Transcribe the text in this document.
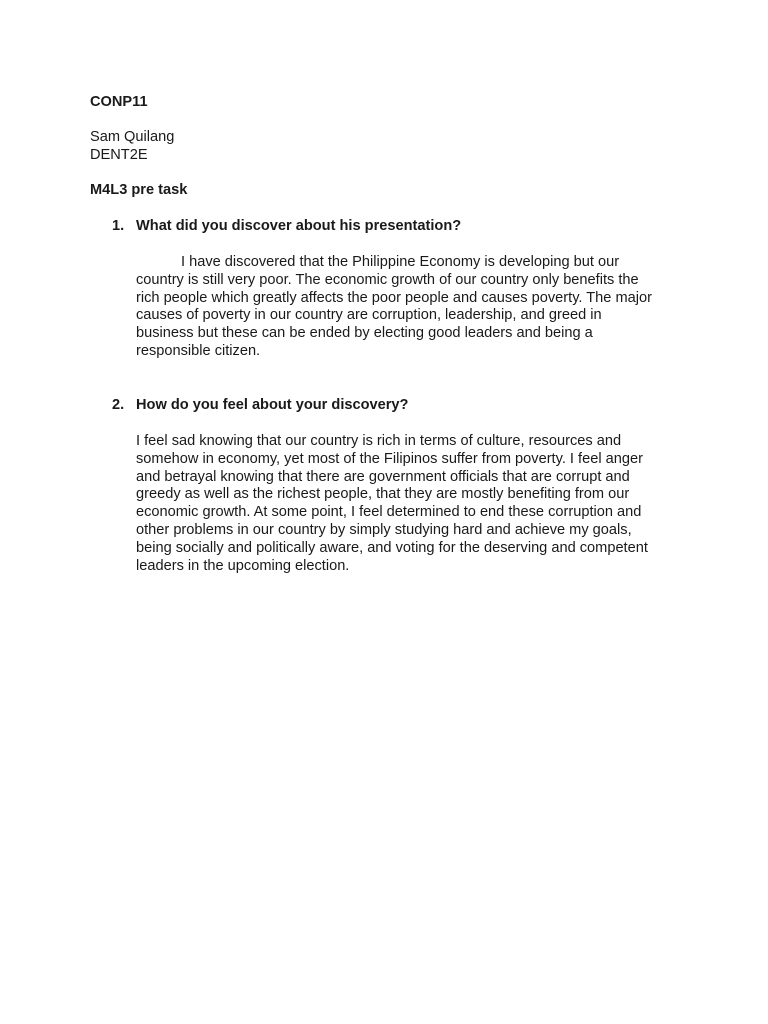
CONP11
Sam Quilang
DENT2E
M4L3 pre task
1. What did you discover about his presentation?
I have discovered that the Philippine Economy is developing but our
country is still very poor. The economic growth of our country only benefits the
rich people which greatly affects the poor people and causes poverty. The major
causes of poverty in our country are corruption, leadership, and greed in
business but these can be ended by electing good leaders and being a
responsible citizen.
2. How do you feel about your discovery?
I feel sad knowing that our country is rich in terms of culture, resources and
somehow in economy, yet most of the Filipinos suffer from poverty. I feel anger
and betrayal knowing that there are government officials that are corrupt and
greedy as well as the richest people, that they are mostly benefiting from our
economic growth. At some point, I feel determined to end these corruption and
other problems in our country by simply studying hard and achieve my goals,
being socially and politically aware, and voting for the deserving and competent
leaders in the upcoming election.
